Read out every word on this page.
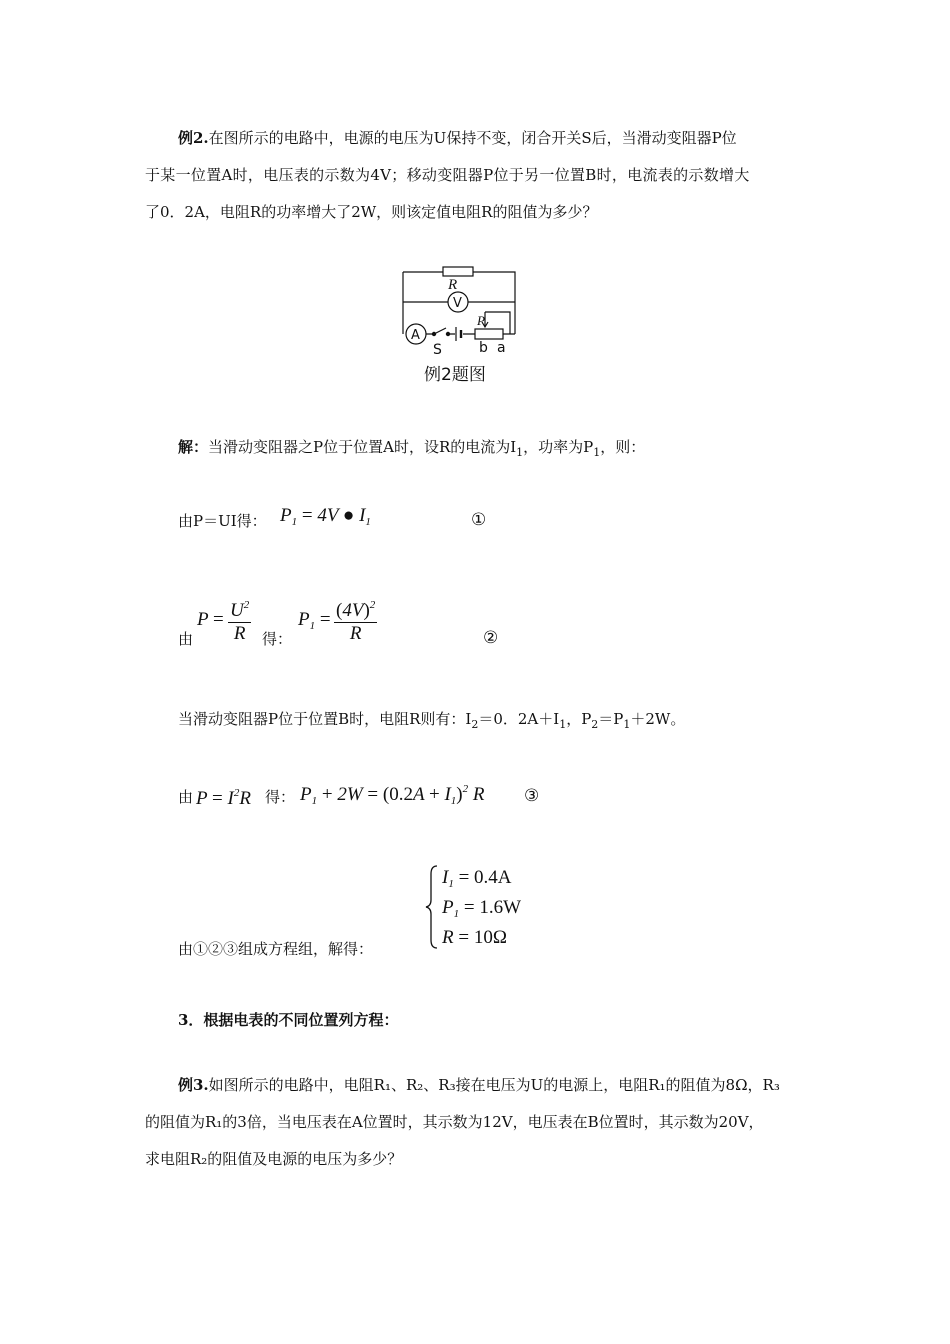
例2.在图所示的电路中，电源的电压为U保持不变，闭合开关S后，当滑动变阻器P位
于某一位置A时，电压表的示数为4V；移动变阻器P位于另一位置B时，电流表的示数增大
了0．2A，电阻R的功率增大了2W，则该定值电阻R的阻值为多少？
R
V
A
P
S	b a
例2题图
解：当滑动变阻器之P位于位置A时，设R的电流为$I_1$，功率为$P_1$，则：
由P＝UI得： $P_1 = 4V$ ● $I_1$	①
由
$P = \frac{U^2}{R}$ 得：
$P_1 = \frac{(4V)^2}{R}$	②
当滑动变阻器P位于位置B时，电阻R则有：$I_2=0$．$2A+I_1$，$P_2=P_1+2W$。
由 $P = I^2R$ 得： $P_1 + 2W = (0.2A + I_1)^2$ R ③
由①②③组成方程组，解得：
$I_1 = 0.4A$
$P_1 = 1.6W$
R = 10Ω
3．根据电表的不同位置列方程：
例3.如图所示的电路中，电阻R₁、R₂、R₃接在电压为U的电源上，电阻R₁的阻值为8Ω，R₃
的阻值为R₁的3倍，当电压表在A位置时，其示数为12V，电压表在B位置时，其示数为20V，
求电阻R₂的阻值及电源的电压为多少？
